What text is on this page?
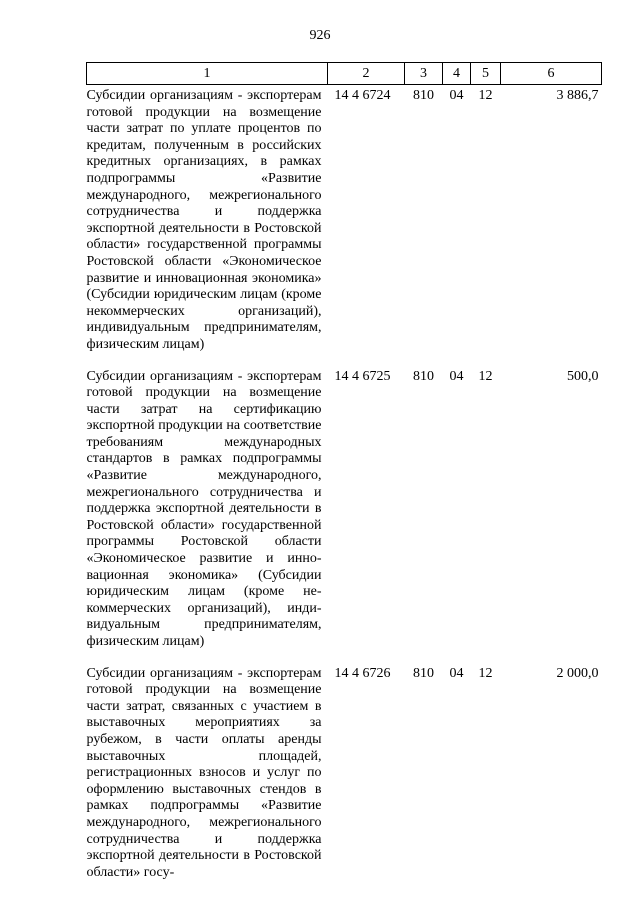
926
1	2	3	4	5	6
Субсидии организациям - экспортерам готовой продукции на возмещение части затрат по уплате процентов по кредитам, полученным в российских кредитных организациях, в рамках подпрограммы «Развитие международного, межрегионального сотрудничества и поддержка экспортной деятельности в Ростовской области» государственной программы Ростовской области «Экономическое развитие и инновационная экономика» (Субсидии юридическим лицам (кроме некоммерческих организаций), индивидуальным предпринимателям, физическим лицам)	14 4 6724	810	04	12	3 886,7
Субсидии организациям - экспортерам готовой продукции на возмещение части затрат на сертификацию экспортной продукции на соответствие требованиям международных стандартов в рамках подпрограммы «Развитие международного, межрегионального сотрудничества и поддержка экспортной деятельности в Ростовской области» государственной программы Ростовской области «Экономическое развитие и инновационная экономика» (Субсидии юридическим лицам (кроме некоммерческих организаций), индивидуальным предпринимателям, физическим лицам)	14 4 6725	810	04	12	500,0
Субсидии организациям - экспортерам готовой продукции на возмещение части затрат, связанных с участием в выставочных мероприятиях за рубежом, в части оплаты аренды выставочных площадей, регистрационных взносов и услуг по оформлению выставочных стендов в рамках подпрограммы «Развитие международного, межрегионального сотрудничества и поддержка экспортной деятельности в Ростовской области» госу-	14 4 6726	810	04	12	2 000,0
